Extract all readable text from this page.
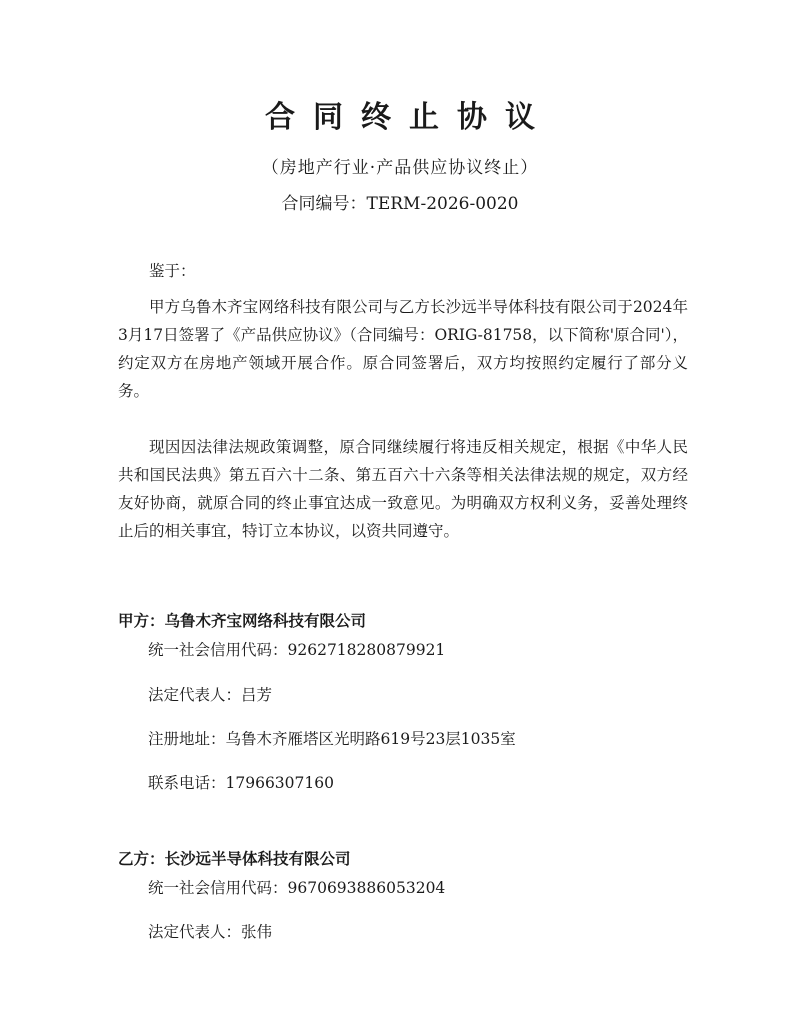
合同终止协议
（房地产行业·产品供应协议终止）
合同编号：TERM-2026-0020

鉴于：

甲方乌鲁木齐宝网络科技有限公司与乙方长沙远半导体科技有限公司于2024年3月17日签署了《产品供应协议》（合同编号：ORIG-81758，以下简称'原合同'），约定双方在房地产领域开展合作。原合同签署后，双方均按照约定履行了部分义务。

现因因法律法规政策调整，原合同继续履行将违反相关规定，根据《中华人民共和国民法典》第五百六十二条、第五百六十六条等相关法律法规的规定，双方经友好协商，就原合同的终止事宜达成一致意见。为明确双方权利义务，妥善处理终止后的相关事宜，特订立本协议，以资共同遵守。

甲方：乌鲁木齐宝网络科技有限公司
统一社会信用代码：9262718280879921
法定代表人：吕芳
注册地址：乌鲁木齐雁塔区光明路619号23层1035室
联系电话：17966307160
乙方：长沙远半导体科技有限公司
统一社会信用代码：9670693886053204
法定代表人：张伟
